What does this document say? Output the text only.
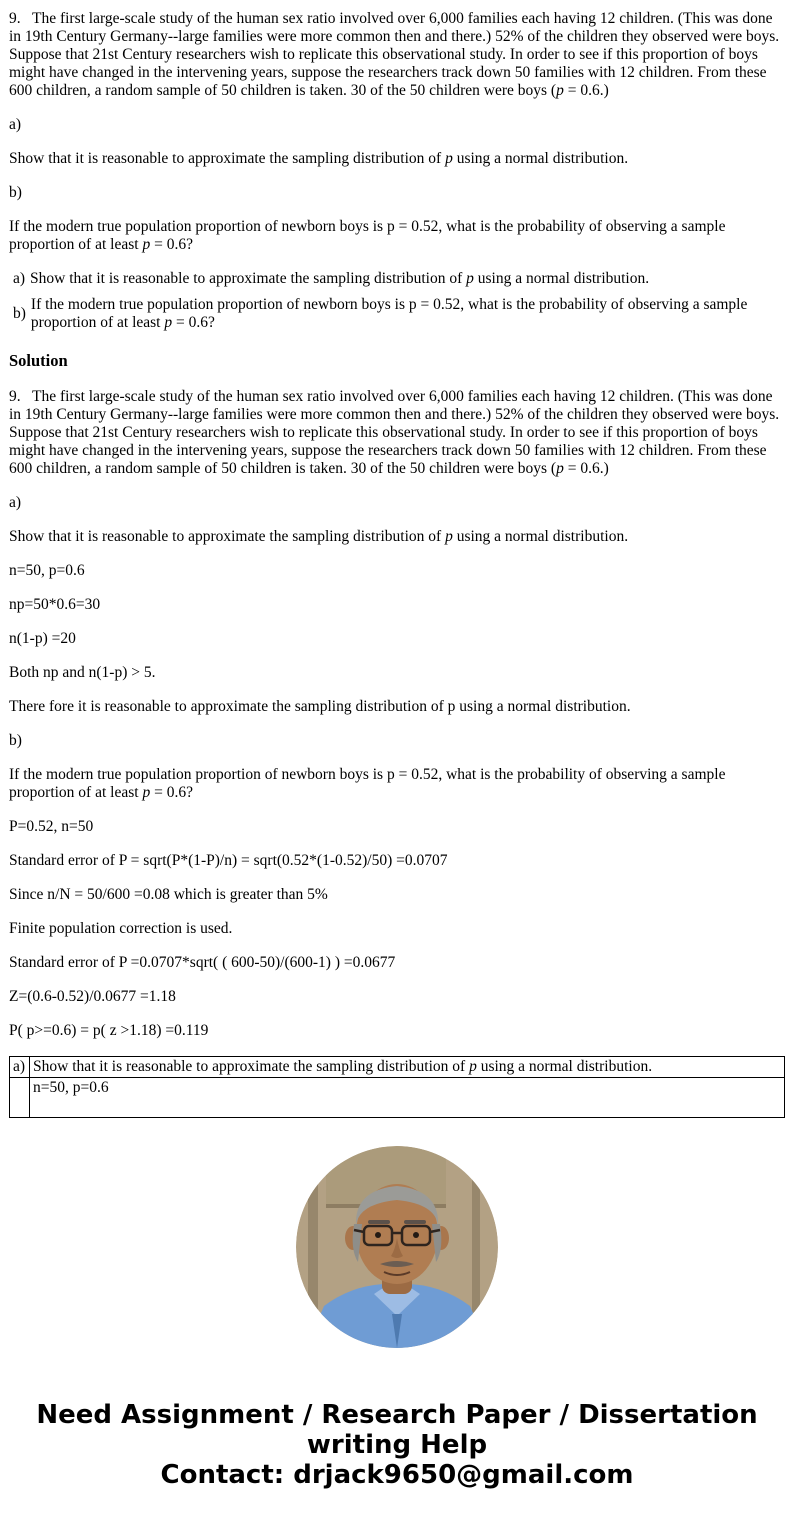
9.   The first large-scale study of the human sex ratio involved over 6,000 families each having 12 children. (This was done in 19th Century Germany--large families were more common then and there.) 52% of the children they observed were boys. Suppose that 21st Century researchers wish to replicate this observational study. In order to see if this proportion of boys might have changed in the intervening years, suppose the researchers track down 50 families with 12 children. From these 600 children, a random sample of 50 children is taken. 30 of the 50 children were boys (p = 0.6.)

a)

Show that it is reasonable to approximate the sampling distribution of p using a normal distribution.

b)

If the modern true population proportion of newborn boys is p = 0.52, what is the probability of observing a sample proportion of at least p = 0.6?

a) Show that it is reasonable to approximate the sampling distribution of p using a normal distribution.
b)
If the modern true population proportion of newborn boys is p = 0.52, what is the probability of observing a sample proportion of at least p = 0.6?
Solution

9.   The first large-scale study of the human sex ratio involved over 6,000 families each having 12 children. (This was done in 19th Century Germany--large families were more common then and there.) 52% of the children they observed were boys. Suppose that 21st Century researchers wish to replicate this observational study. In order to see if this proportion of boys might have changed in the intervening years, suppose the researchers track down 50 families with 12 children. From these 600 children, a random sample of 50 children is taken. 30 of the 50 children were boys (p = 0.6.)

a)

Show that it is reasonable to approximate the sampling distribution of p using a normal distribution.

n=50, p=0.6

np=50*0.6=30

n(1-p) =20

Both np and n(1-p) > 5.

There fore it is reasonable to approximate the sampling distribution of p using a normal distribution.

b)

If the modern true population proportion of newborn boys is p = 0.52, what is the probability of observing a sample proportion of at least p = 0.6?

P=0.52, n=50

Standard error of P = sqrt(P*(1-P)/n) = sqrt(0.52*(1-0.52)/50) =0.0707

Since n/N = 50/600 =0.08 which is greater than 5%

Finite population correction is used.

Standard error of P =0.0707*sqrt( ( 600-50)/(600-1) ) =0.0677

Z=(0.6-0.52)/0.0677 =1.18

P( p>=0.6) = p( z >1.18) =0.119

a)	Show that it is reasonable to approximate the sampling distribution of p using a normal distribution.
	n=50, p=0.6
Need Assignment / Research Paper / Dissertation writing Help
Contact: drjack9650@gmail.com
